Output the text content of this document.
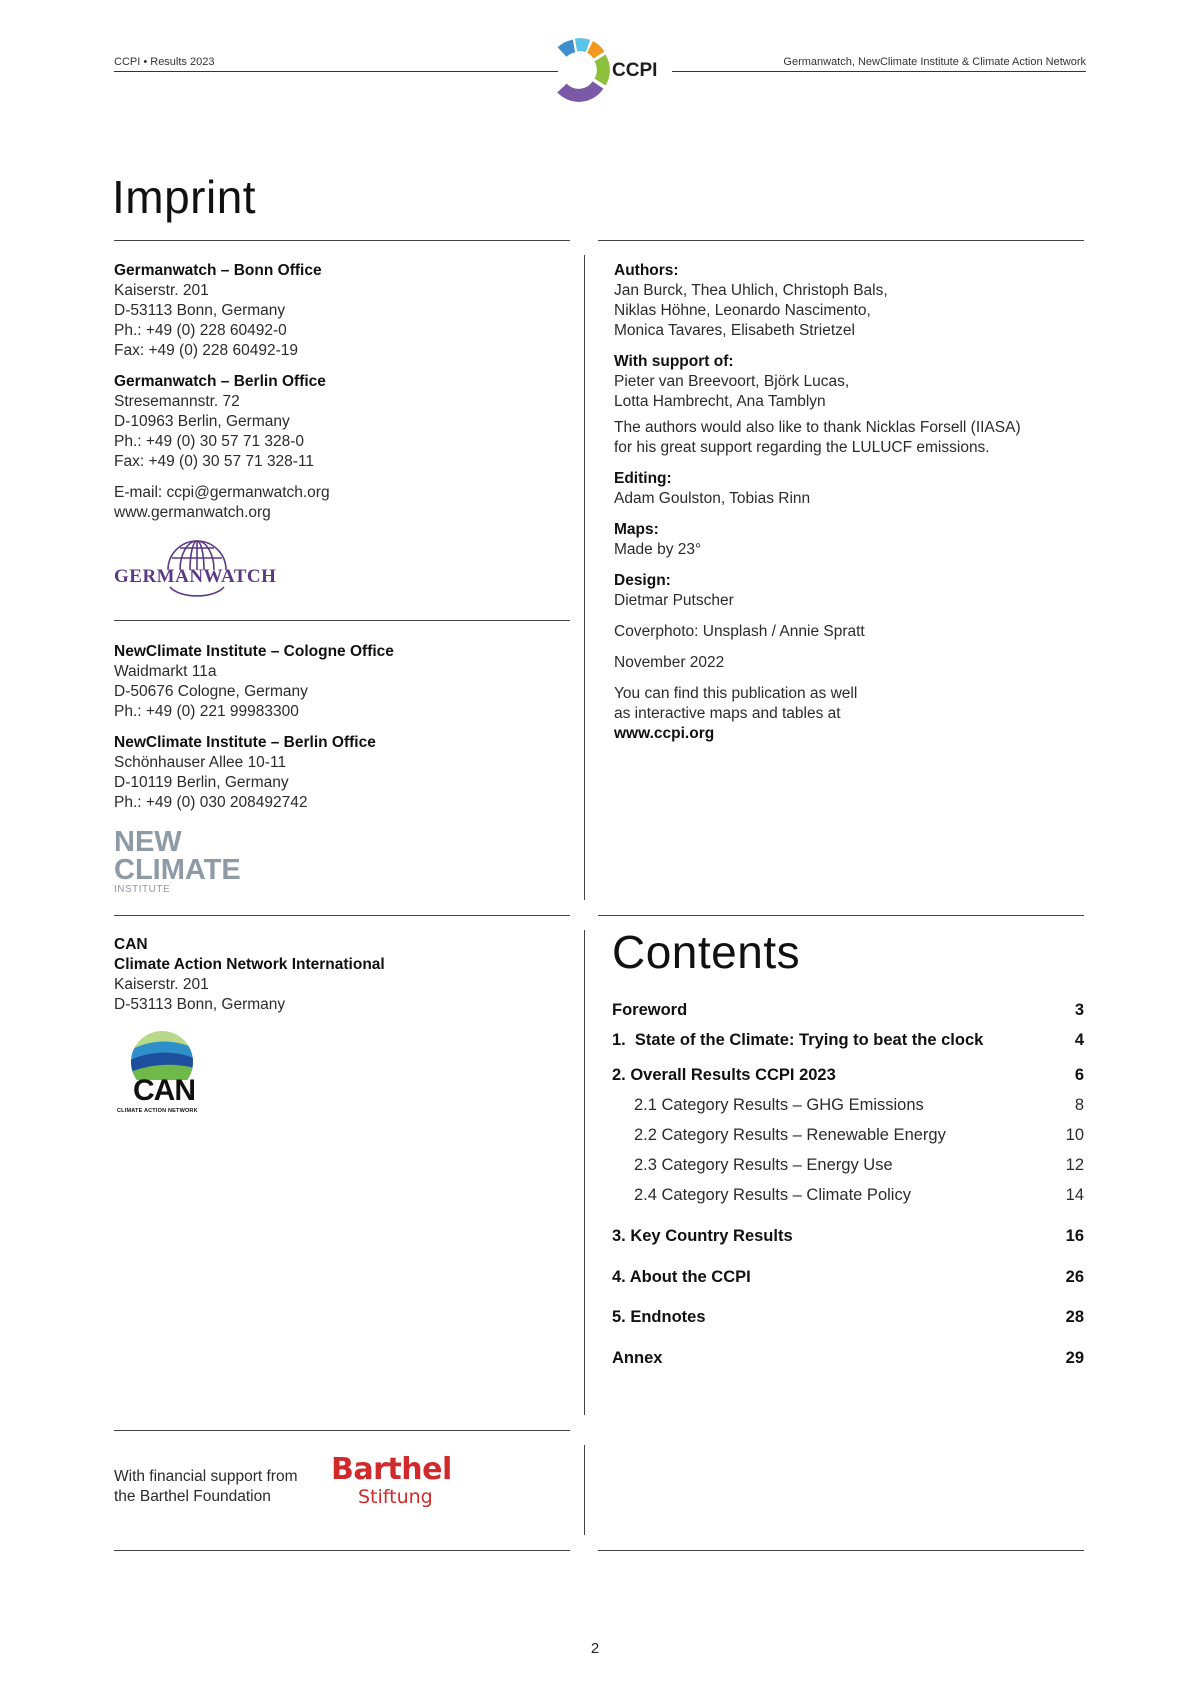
CCPI • Results 2023	Germanwatch, NewClimate Institute & Climate Action Network
CCPI
Imprint
Germanwatch – Bonn Office
Kaiserstr. 201
D-53113 Bonn, Germany
Ph.: +49 (0) 228 60492-0
Fax: +49 (0) 228 60492-19
Germanwatch – Berlin Office
Stresemannstr. 72
D-10963 Berlin, Germany
Ph.: +49 (0) 30 57 71 328-0
Fax: +49 (0) 30 57 71 328-11
E-mail: ccpi@germanwatch.org
www.germanwatch.org
GERMANWATCH
NewClimate Institute – Cologne Office
Waidmarkt 11a
D-50676 Cologne, Germany
Ph.: +49 (0) 221 99983300
NewClimate Institute – Berlin Office
Schönhauser Allee 10-11
D-10119 Berlin, Germany
Ph.: +49 (0) 030 208492742
NEW
CLIMATE
INSTITUTE
CAN
Climate Action Network International
Kaiserstr. 201
D-53113 Bonn, Germany
CAN
CLIMATE ACTION NETWORK
With financial support from
the Barthel Foundation
Barthel
Stiftung
Authors:
Jan Burck, Thea Uhlich, Christoph Bals,
Niklas Höhne, Leonardo Nascimento,
Monica Tavares, Elisabeth Strietzel
With support of:
Pieter van Breevoort, Björk Lucas,
Lotta Hambrecht, Ana Tamblyn
The authors would also like to thank Nicklas Forsell (IIASA)
for his great support regarding the LULUCF emissions.
Editing:
Adam Goulston, Tobias Rinn
Maps:
Made by 23°
Design:
Dietmar Putscher
Coverphoto: Unsplash / Annie Spratt
November 2022
You can find this publication as well
as interactive maps and tables at
www.ccpi.org
Contents
Foreword	3
1.  State of the Climate: Trying to beat the clock	4
2. Overall Results CCPI 2023	6
2.1 Category Results – GHG Emissions	8
2.2 Category Results – Renewable Energy	10
2.3 Category Results – Energy Use	12
2.4 Category Results – Climate Policy	14
3. Key Country Results	16
4. About the CCPI	26
5. Endnotes	28
Annex	29
2
